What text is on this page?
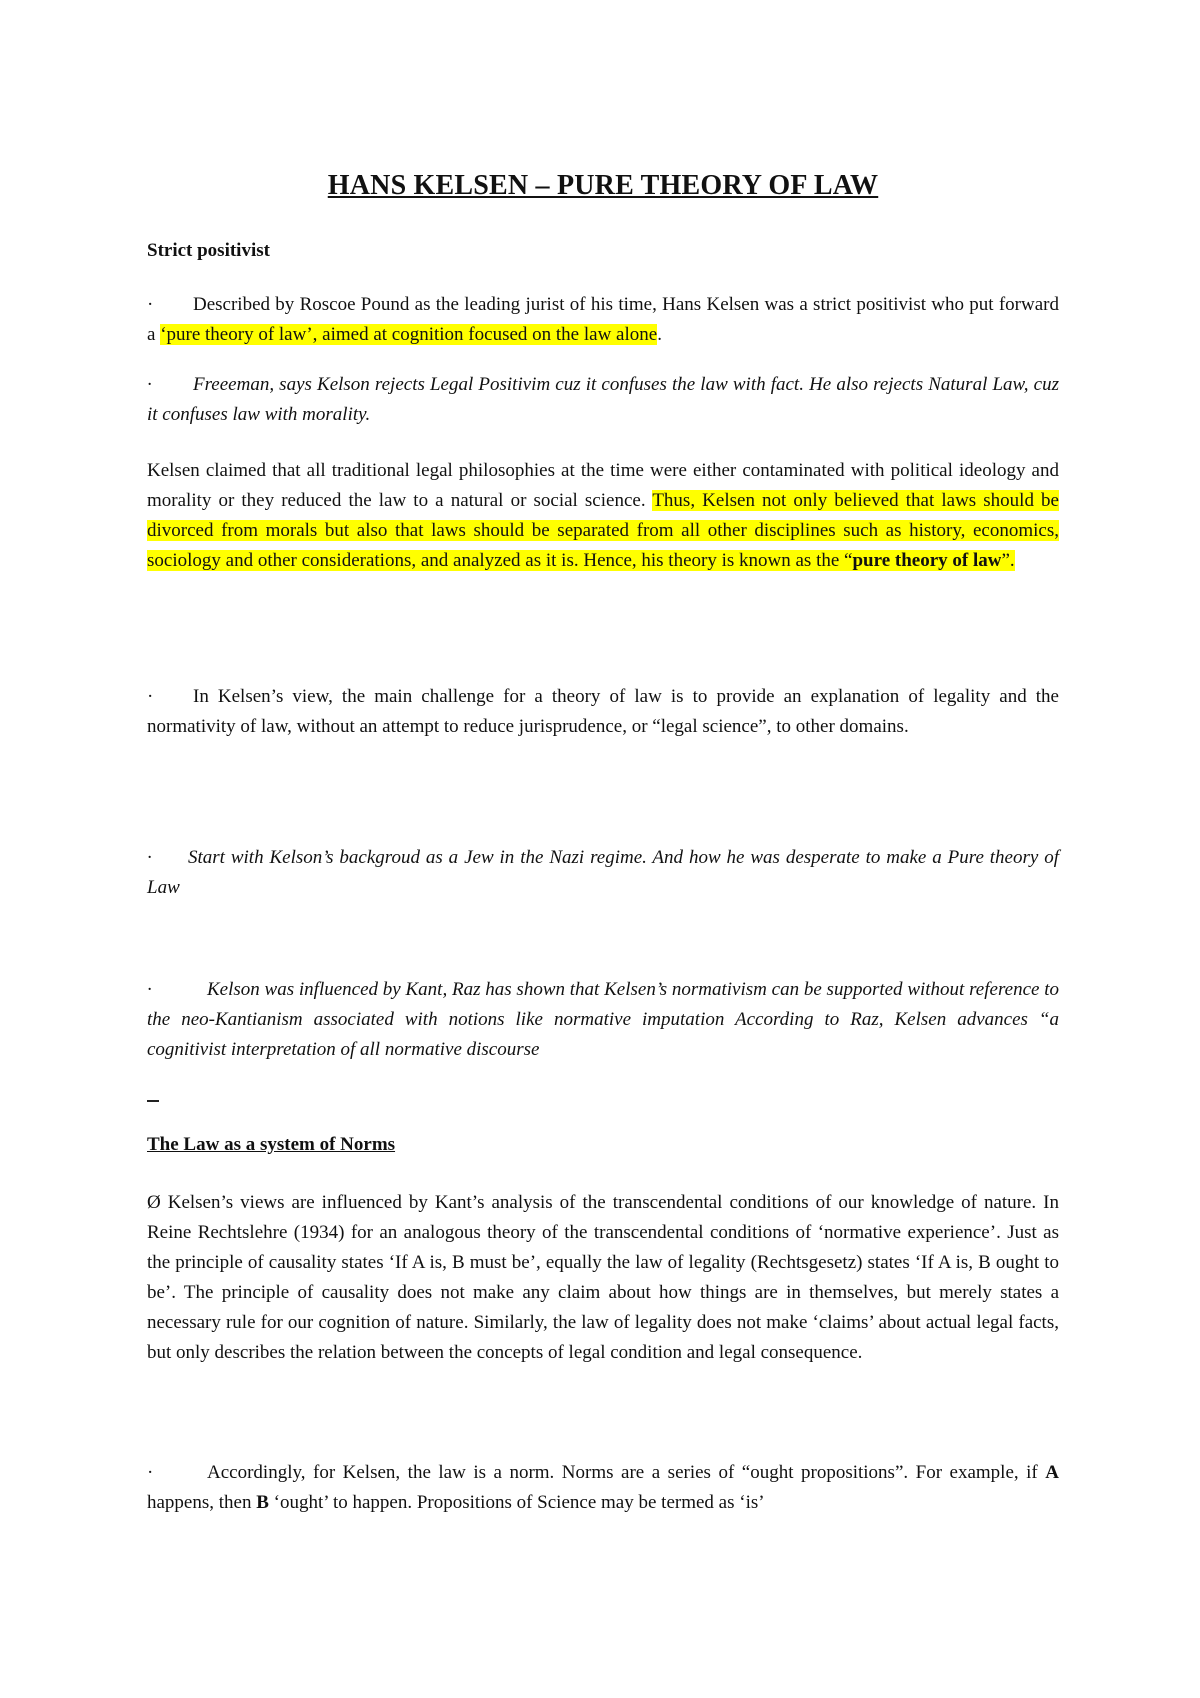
HANS KELSEN – PURE THEORY OF LAW

Strict positivist

· Described by Roscoe Pound as the leading jurist of his time, Hans Kelsen was a strict positivist who put forward a ‘pure theory of law’, aimed at cognition focused on the law alone.

· Freeeman, says Kelson rejects Legal Positivim cuz it confuses the law with fact. He also rejects Natural Law, cuz it confuses law with morality.

Kelsen claimed that all traditional legal philosophies at the time were either contaminated with political ideology and morality or they reduced the law to a natural or social science. Thus, Kelsen not only believed that laws should be divorced from morals but also that laws should be separated from all other disciplines such as history, economics, sociology and other considerations, and analyzed as it is. Hence, his theory is known as the “pure theory of law”.

· In Kelsen’s view, the main challenge for a theory of law is to provide an explanation of legality and the normativity of law, without an attempt to reduce jurisprudence, or “legal science”, to other domains.

· Start with Kelson’s backgroud as a Jew in the Nazi regime. And how he was desperate to make a Pure theory of Law

·	Kelson was influenced by Kant, Raz has shown that Kelsen’s normativism can be supported without reference to the neo-Kantianism associated with notions like normative imputation According to Raz, Kelsen advances “a cognitivist interpretation of all normative discourse

The Law as a system of Norms

Ø Kelsen’s views are influenced by Kant’s analysis of the transcendental conditions of our knowledge of nature. In Reine Rechtslehre (1934) for an analogous theory of the transcendental conditions of ‘normative experience’. Just as the principle of causality states ‘If A is, B must be’, equally the law of legality (Rechtsgesetz) states ‘If A is, B ought to be’. The principle of causality does not make any claim about how things are in themselves, but merely states a necessary rule for our cognition of nature. Similarly, the law of legality does not make ‘claims’ about actual legal facts, but only describes the relation between the concepts of legal condition and legal consequence.

·	Accordingly, for Kelsen, the law is a norm. Norms are a series of “ought propositions”. For example, if A happens, then B ‘ought’ to happen. Propositions of Science may be termed as ‘is’
